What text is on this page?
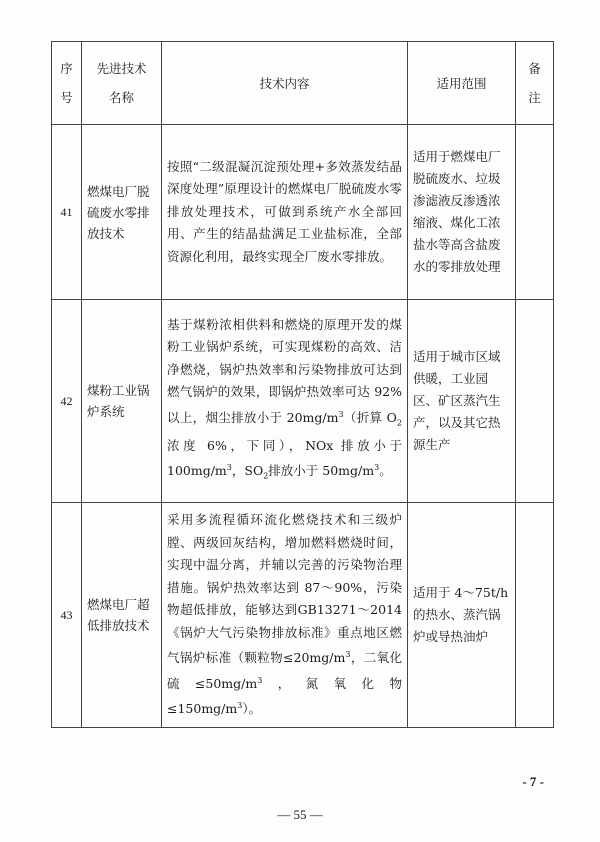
序号	先进技术名称	技术内容	适用范围	备注

41	燃煤电厂脱硫废水零排放技术	按照“二级混凝沉淀预处理+多效蒸发结晶深度处理”原理设计的燃煤电厂脱硫废水零排放处理技术，可做到系统产水全部回用、产生的结晶盐满足工业盐标准，全部资源化利用，最终实现全厂废水零排放。	适用于燃煤电厂脱硫废水、垃圾渗滤液反渗透浓缩液、煤化工浓盐水等高含盐废水的零排放处理	
42	煤粉工业锅炉系统	基于煤粉浓相供料和燃烧的原理开发的煤粉工业锅炉系统，可实现煤粉的高效、洁净燃烧，锅炉热效率和污染物排放可达到燃气锅炉的效果，即锅炉热效率可达 92%以上，烟尘排放小于 $20mg/m^3$（折算 $O_2$浓度 6%，下同），NOx 排放小于 $100mg/m^3$，$SO_2$排放小于 $50mg/m^3$。	适用于城市区域供暖，工业园区、矿区蒸汽生产，以及其它热源生产	
43	燃煤电厂超低排放技术	采用多流程循环流化燃烧技术和三级炉膛、两级回灰结构，增加燃料燃烧时间，实现中温分离，并辅以完善的污染物治理措施。锅炉热效率达到 87～90%，污染物超低排放，能够达到GB13271～2014《锅炉大气污染物排放标准》重点地区燃气锅炉标准（颗粒物$\le 20mg/m^3$，二氧化硫$\le 50mg/m^3$，氮氧化物$\le 150mg/m^3$）。	适用于 4～75t/h 的热水、蒸汽锅炉或导热油炉	
- 7 -
— 55 —
